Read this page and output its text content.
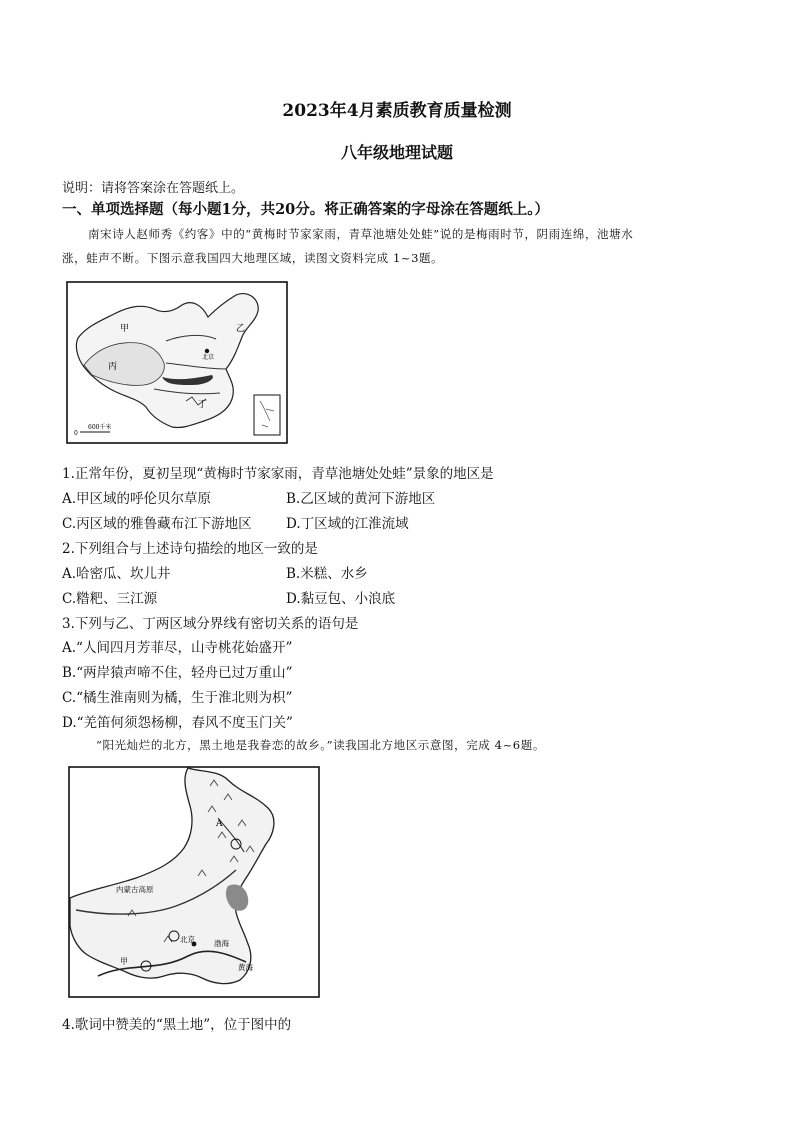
2023年4月素质教育质量检测
八年级地理试题
说明：请将答案涂在答题纸上。
一、单项选择题（每小题1分，共20分。将正确答案的字母涂在答题纸上。）
南宋诗人赵师秀《约客》中的“黄梅时节家家雨，青草池塘处处蛙”说的是梅雨时节，阴雨连绵，池塘水
涨，蛙声不断。下图示意我国四大地理区域，读图文资料完成 1~3题。
甲	乙
丙
丁
北京
0
600千米
1.正常年份，夏初呈现“黄梅时节家家雨，青草池塘处处蛙”景象的地区是
A.甲区域的呼伦贝尔草原	B.乙区域的黄河下游地区
C.丙区域的雅鲁藏布江下游地区	D.丁区域的江淮流域
2.下列组合与上述诗句描绘的地区一致的是
A.哈密瓜、坎儿井	B.米糕、水乡
C.糌粑、三江源	D.黏豆包、小浪底
3.下列与乙、丁两区域分界线有密切关系的语句是
A.“人间四月芳菲尽，山寺桃花始盛开”
B.“两岸猿声啼不住，轻舟已过万重山”
C.“橘生淮南则为橘，生于淮北则为枳”
D.“羌笛何须怨杨柳，春风不度玉门关”
“阳光灿烂的北方，黑土地是我眷恋的故乡。”读我国北方地区示意图，完成 4~6题。
内蒙古高原
北京	渤海
黄海
甲
A
4.歌词中赞美的“黑土地”，位于图中的
